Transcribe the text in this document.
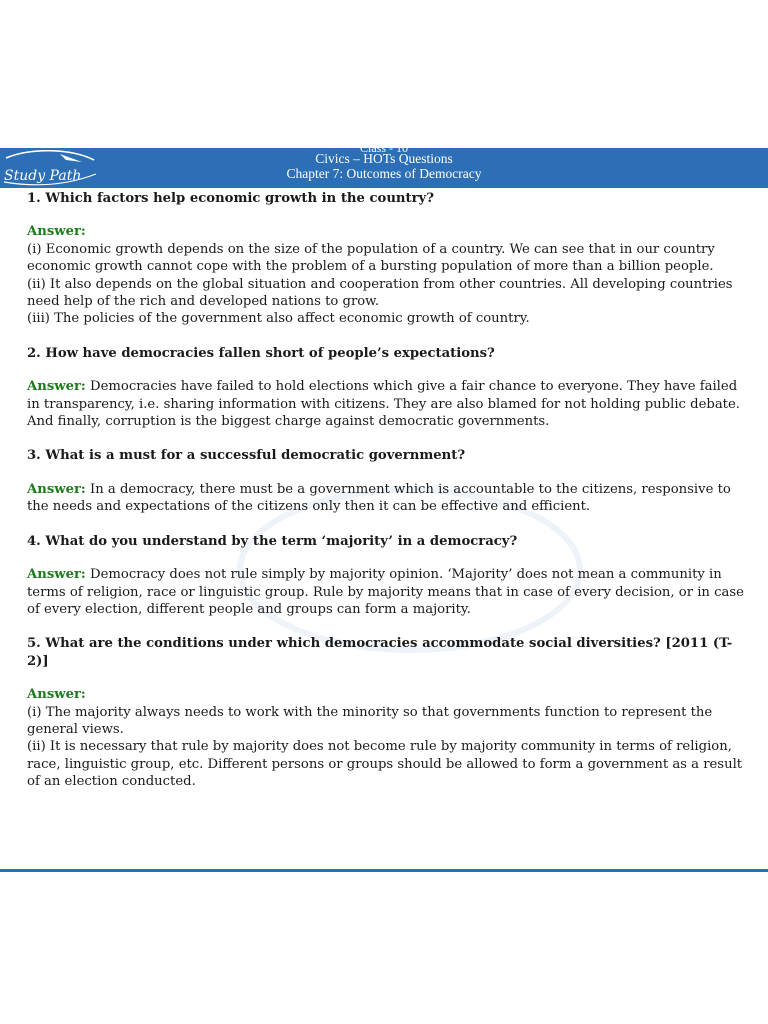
Study Path
Class - 10
Civics – HOTs Questions
Chapter 7: Outcomes of Democracy

1. Which factors help economic growth in the country?

Answer:
(i) Economic growth depends on the size of the population of a country. We can see that in our country economic growth cannot cope with the problem of a bursting population of more than a billion people.
(ii) It also depends on the global situation and cooperation from other countries. All developing countries need help of the rich and developed nations to grow.
(iii) The policies of the government also affect economic growth of country.

2. How have democracies fallen short of people’s expectations?

Answer: Democracies have failed to hold elections which give a fair chance to everyone. They have failed in transparency, i.e. sharing information with citizens. They are also blamed for not holding public debate. And finally, corruption is the biggest charge against democratic governments.

3. What is a must for a successful democratic government?

Answer: In a democracy, there must be a government which is accountable to the citizens, responsive to the needs and expectations of the citizens only then it can be effective and efficient.

4. What do you understand by the term ‘majority’ in a democracy?

Answer: Democracy does not rule simply by majority opinion. ‘Majority’ does not mean a community in terms of religion, race or linguistic group. Rule by majority means that in case of every decision, or in case of every election, different people and groups can form a majority.

5. What are the conditions under which democracies accommodate social diversities? [2011 (T-2)]

Answer:
(i) The majority always needs to work with the minority so that governments function to represent the general views.
(ii) It is necessary that rule by majority does not become rule by majority community in terms of religion, race, linguistic group, etc. Different persons or groups should be allowed to form a government as a result of an election conducted.
